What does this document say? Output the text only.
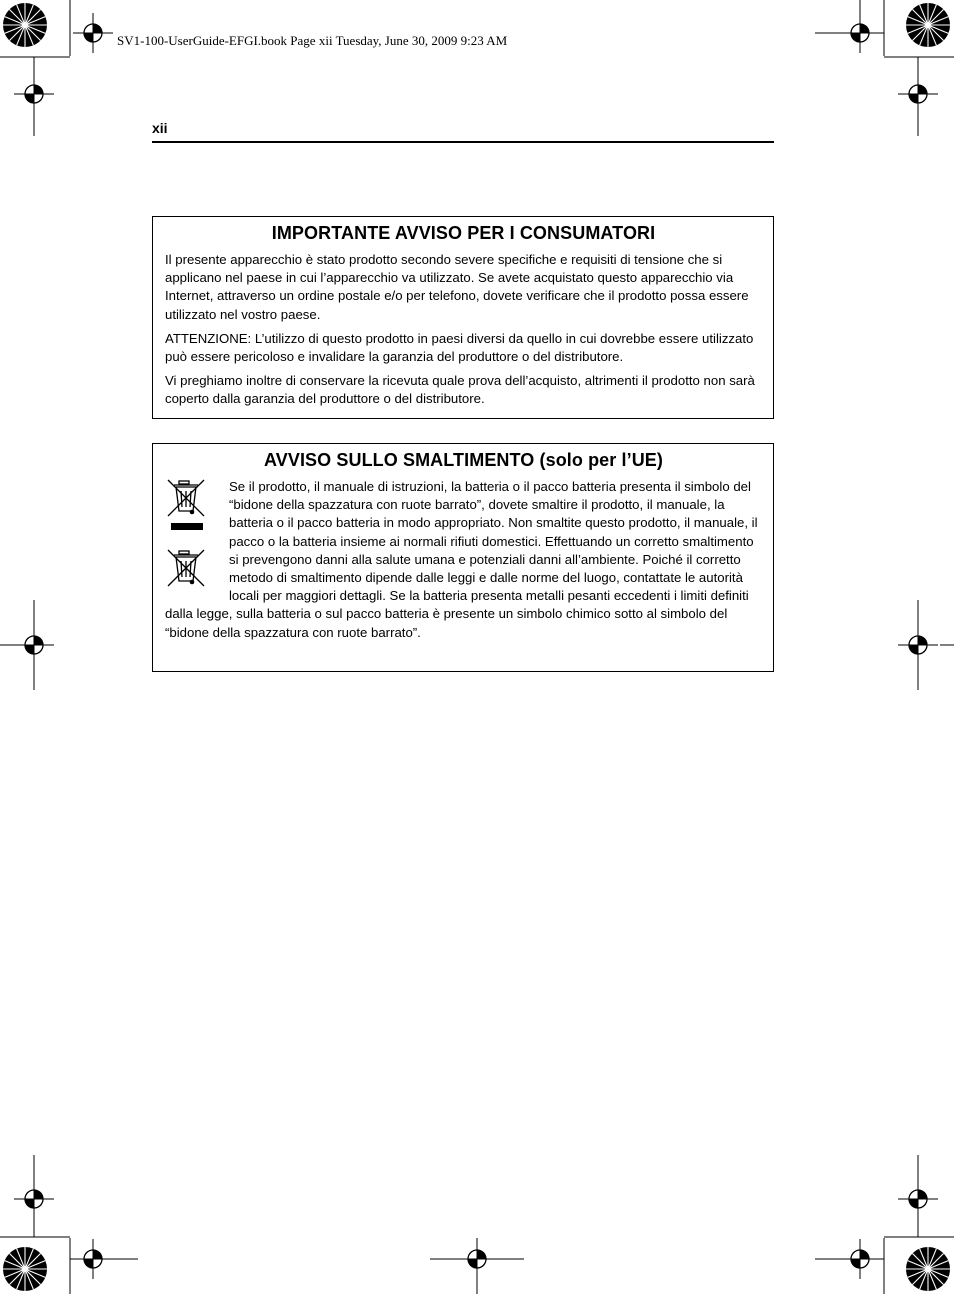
SV1-100-UserGuide-EFGI.book Page xii Tuesday, June 30, 2009 9:23 AM
xii
IMPORTANTE AVVISO PER I CONSUMATORI

Il presente apparecchio è stato prodotto secondo severe specifiche e requisiti di tensione che si applicano nel paese in cui l’apparecchio va utilizzato. Se avete acquistato questo apparecchio via Internet, attraverso un ordine postale e/o per telefono, dovete verificare che il prodotto possa essere utilizzato nel vostro paese.

ATTENZIONE: L’utilizzo di questo prodotto in paesi diversi da quello in cui dovrebbe essere utilizzato può essere pericoloso e invalidare la garanzia del produttore o del distributore.

Vi preghiamo inoltre di conservare la ricevuta quale prova dell’acquisto, altrimenti il prodotto non sarà coperto dalla garanzia del produttore o del distributore.

AVVISO SULLO SMALTIMENTO (solo per l’UE)

Se il prodotto, il manuale di istruzioni, la batteria o il pacco batteria presenta il simbolo del “bidone della spazzatura con ruote barrato”, dovete smaltire il prodotto, il manuale, la batteria o il pacco batteria in modo appropriato. Non smaltite questo prodotto, il manuale, il pacco o la batteria insieme ai normali rifiuti domestici. Effettuando un corretto smaltimento si prevengono danni alla salute umana e potenziali danni all’ambiente. Poiché il corretto metodo di smaltimento dipende dalle leggi e dalle norme del luogo, contattate le autorità locali per maggiori dettagli. Se la batteria presenta metalli pesanti eccedenti i limiti definiti dalla legge, sulla batteria o sul pacco batteria è presente un simbolo chimico sotto al simbolo del “bidone della spazzatura con ruote barrato”.
